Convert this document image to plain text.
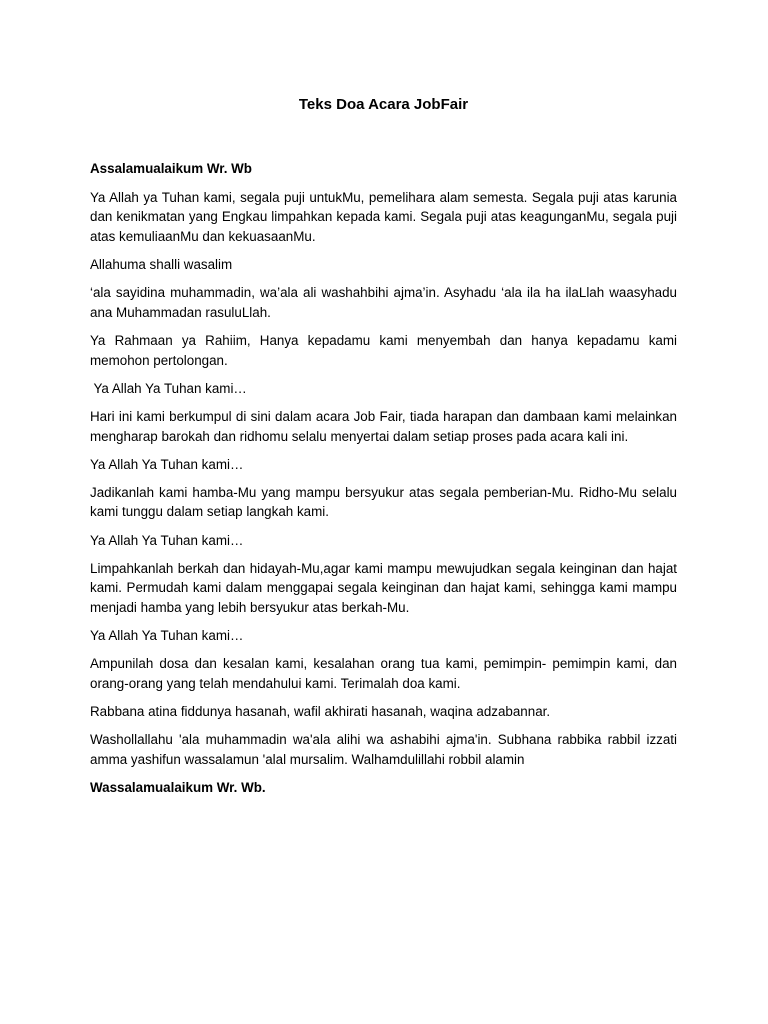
Teks Doa Acara JobFair
Assalamualaikum Wr. Wb
Ya Allah ya Tuhan kami, segala puji untukMu, pemelihara alam semesta. Segala puji atas karunia dan kenikmatan yang Engkau limpahkan kepada kami. Segala puji atas keagunganMu, segala puji atas kemuliaanMu dan kekuasaanMu.
Allahuma shalli wasalim
‘ala sayidina muhammadin, wa’ala ali washahbihi ajma’in. Asyhadu ‘ala ila ha ilaLlah waasyhadu ana Muhammadan rasuluLlah.
Ya Rahmaan ya Rahiim, Hanya kepadamu kami menyembah dan hanya kepadamu kami memohon pertolongan.
Ya Allah Ya Tuhan kami…
Hari ini kami berkumpul di sini dalam acara Job Fair, tiada harapan dan dambaan kami melainkan mengharap barokah dan ridhomu selalu menyertai dalam setiap proses pada acara kali ini.
Ya Allah Ya Tuhan kami…
Jadikanlah kami hamba-Mu yang mampu bersyukur atas segala pemberian-Mu. Ridho-Mu selalu kami tunggu dalam setiap langkah kami.
Ya Allah Ya Tuhan kami…
Limpahkanlah berkah dan hidayah-Mu,agar kami mampu mewujudkan segala keinginan dan hajat kami. Permudah kami dalam menggapai segala keinginan dan hajat kami, sehingga kami mampu menjadi hamba yang lebih bersyukur atas berkah-Mu.
Ya Allah Ya Tuhan kami…
Ampunilah dosa dan kesalan kami, kesalahan orang tua kami, pemimpin- pemimpin kami, dan orang-orang yang telah mendahului kami. Terimalah doa kami.
Rabbana atina fiddunya hasanah, wafil akhirati hasanah, waqina adzabannar.
Washollallahu 'ala muhammadin wa'ala alihi wa ashabihi ajma'in. Subhana rabbika rabbil izzati amma yashifun wassalamun 'alal mursalim. Walhamdulillahi robbil alamin
Wassalamualaikum Wr. Wb.
